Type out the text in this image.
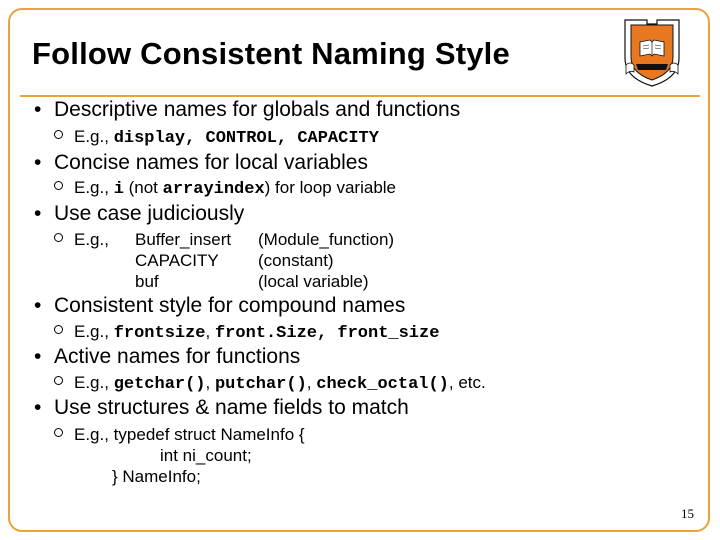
Follow Consistent Naming Style
• Descriptive names for globals and functions
E.g., display, CONTROL, CAPACITY
• Concise names for local variables
E.g., i (not arrayindex) for loop variable
• Use case judiciously
E.g., Buffer_insert (Module_function)
CAPACITY (constant)
buf	(local variable)
• Consistent style for compound names
E.g., frontsize, front.Size, front_size
• Active names for functions
E.g., getchar(), putchar(), check_octal(), etc.
• Use structures & name fields to match
E.g., typedef struct NameInfo {
int ni_count;
} NameInfo;
15
